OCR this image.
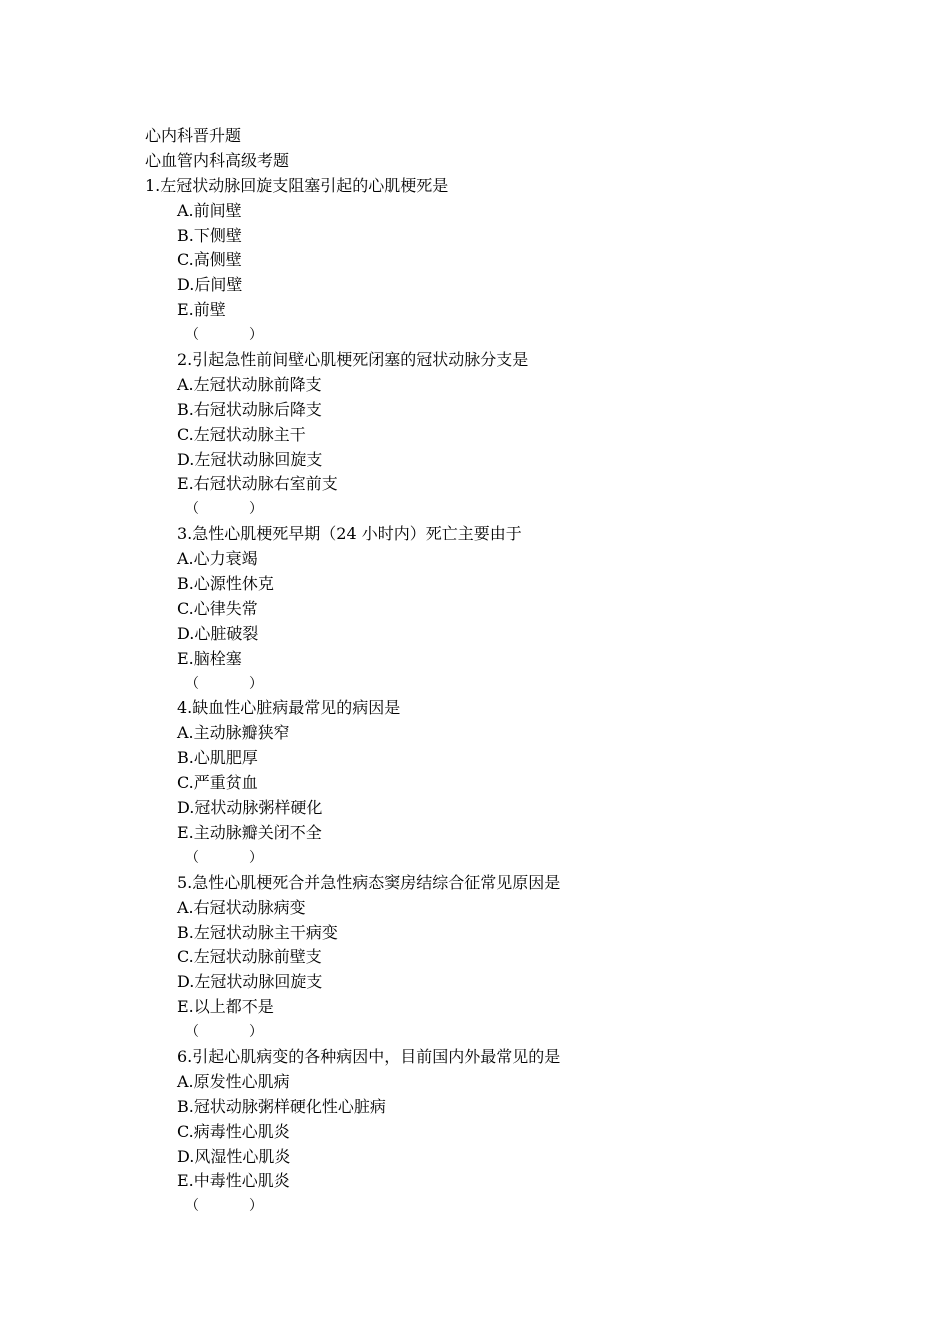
心内科晋升题
心血管内科高级考题
1.左冠状动脉回旋支阻塞引起的心肌梗死是
A.前间壁
B.下侧壁
C.高侧壁
D.后间壁
E.前壁
（	）
2.引起急性前间壁心肌梗死闭塞的冠状动脉分支是
A.左冠状动脉前降支
B.右冠状动脉后降支
C.左冠状动脉主干
D.左冠状动脉回旋支
E.右冠状动脉右室前支
（	）
3.急性心肌梗死早期（24 小时内）死亡主要由于
A.心力衰竭
B.心源性休克
C.心律失常
D.心脏破裂
E.脑栓塞
（	）
4.缺血性心脏病最常见的病因是
A.主动脉瓣狭窄
B.心肌肥厚
C.严重贫血
D.冠状动脉粥样硬化
E.主动脉瓣关闭不全
（	）
5.急性心肌梗死合并急性病态窦房结综合征常见原因是
A.右冠状动脉病变
B.左冠状动脉主干病变
C.左冠状动脉前壁支
D.左冠状动脉回旋支
E.以上都不是
（	）
6.引起心肌病变的各种病因中，目前国内外最常见的是
A.原发性心肌病
B.冠状动脉粥样硬化性心脏病
C.病毒性心肌炎
D.风湿性心肌炎
E.中毒性心肌炎
（	）
